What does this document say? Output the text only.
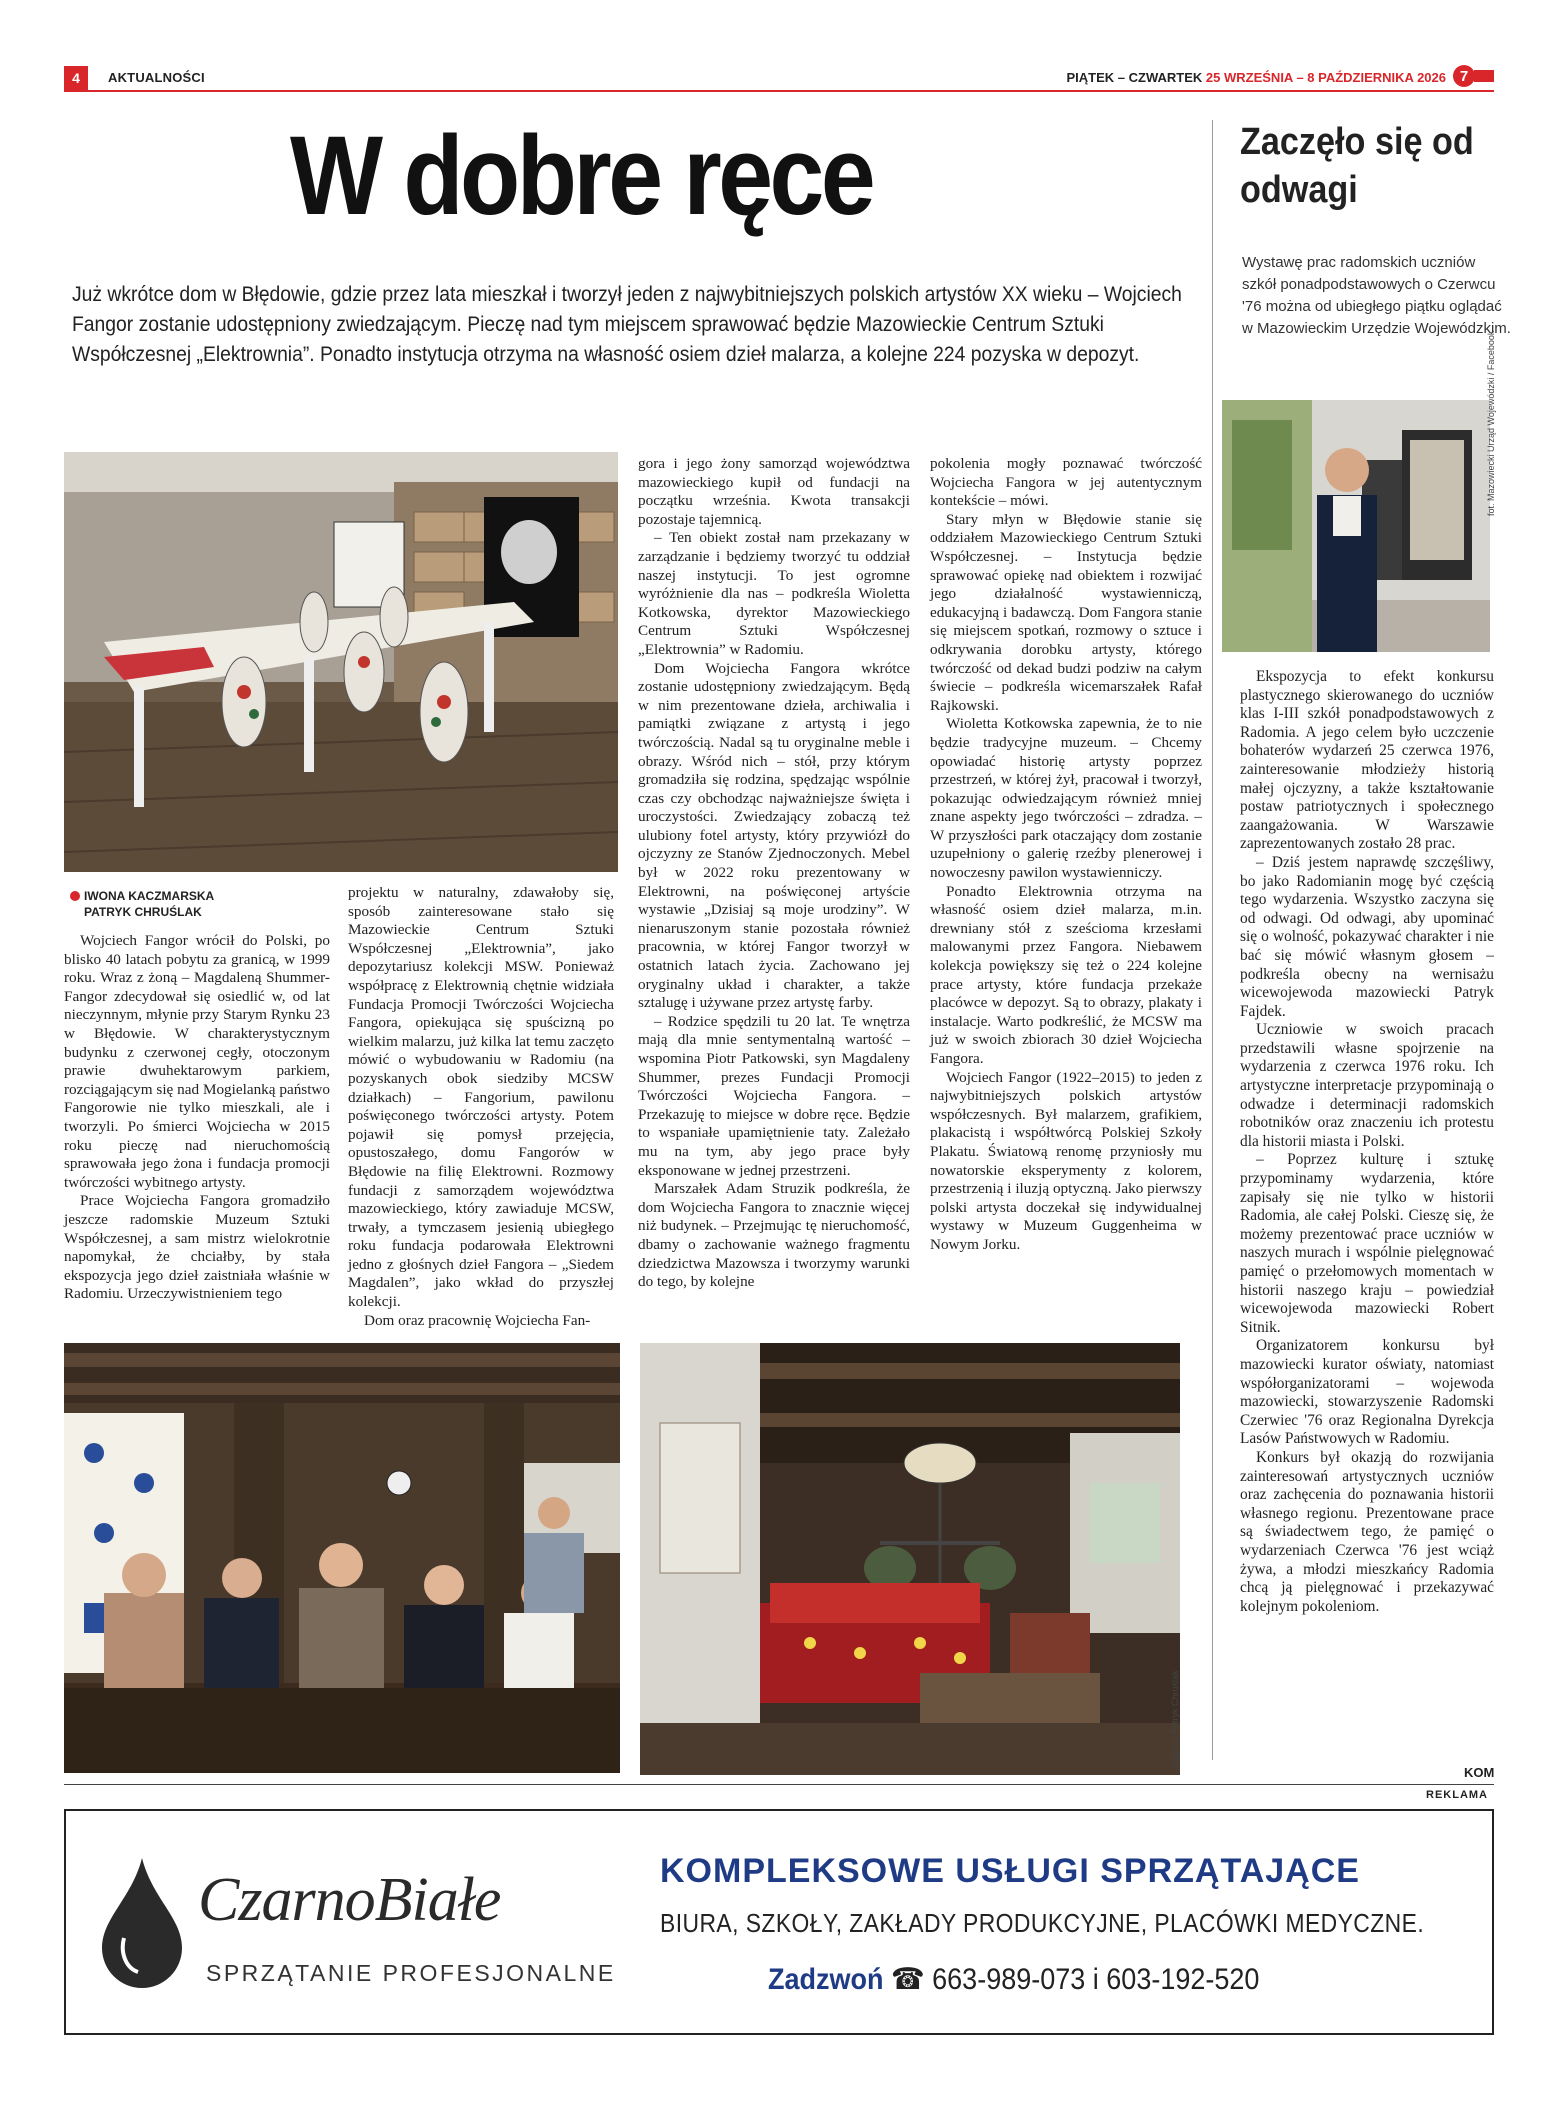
4	AKTUALNOŚCI	PIĄTEK – CZWARTEK 25 WRZEŚNIA – 8 PAŹDZIERNIKA 2026 7
W dobre ręce
Już wkrótce dom w Błędowie, gdzie przez lata mieszkał i tworzył jeden z najwybitniejszych polskich artystów XX wieku – Wojciech Fangor zostanie udostępniony zwiedzającym. Pieczę nad tym miejscem sprawować będzie Mazowieckie Centrum Sztuki Współczesnej „Elektrownia”. Ponadto instytucja otrzyma na własność osiem dzieł malarza, a kolejne 224 pozyska w depozyt.
IWONA KACZMARSKA
PATRYK CHRUŚLAK

Wojciech Fangor wrócił do Polski, po blisko 40 latach pobytu za granicą, w 1999 roku. Wraz z żoną – Magdaleną Shummer-Fangor zdecydował się osiedlić w, od lat nieczynnym, młynie przy Starym Rynku 23 w Błędowie. W charakterystycznym budynku z czerwonej cegły, otoczonym prawie dwuhektarowym parkiem, rozciągającym się nad Mogielanką państwo Fangorowie nie tylko mieszkali, ale i tworzyli. Po śmierci Wojciecha w 2015 roku pieczę nad nieruchomością sprawowała jego żona i fundacja promocji twórczości wybitnego artysty.

Prace Wojciecha Fangora gromadziło jeszcze radomskie Muzeum Sztuki Współczesnej, a sam mistrz wielokrotnie napomykał, że chciałby, by stała ekspozycja jego dzieł zaistniała właśnie w Radomiu. Urzeczywistnieniem tego

projektu w naturalny, zdawałoby się, sposób zainteresowane stało się Mazowieckie Centrum Sztuki Współczesnej „Elektrownia”, jako depozytariusz kolekcji MSW. Ponieważ współpracę z Elektrownią chętnie widziała Fundacja Promocji Twórczości Wojciecha Fangora, opiekująca się spuścizną po wielkim malarzu, już kilka lat temu zaczęto mówić o wybudowaniu w Radomiu (na pozyskanych obok siedziby MCSW działkach) – Fangorium, pawilonu poświęconego twórczości artysty. Potem pojawił się pomysł przejęcia, opustoszałego, domu Fangorów w Błędowie na filię Elektrowni. Rozmowy fundacji z samorządem województwa mazowieckiego, który zawiaduje MCSW, trwały, a tymczasem jesienią ubiegłego roku fundacja podarowała Elektrowni jedno z głośnych dzieł Fangora – „Siedem Magdalen”, jako wkład do przyszłej kolekcji.

Dom oraz pracownię Wojciecha Fan-

gora i jego żony samorząd województwa mazowieckiego kupił od fundacji na początku września. Kwota transakcji pozostaje tajemnicą.

– Ten obiekt został nam przekazany w zarządzanie i będziemy tworzyć tu oddział naszej instytucji. To jest ogromne wyróżnienie dla nas – podkreśla Wioletta Kotkowska, dyrektor Mazowieckiego Centrum Sztuki Współczesnej „Elektrownia” w Radomiu.

Dom Wojciecha Fangora wkrótce zostanie udostępniony zwiedzającym. Będą w nim prezentowane dzieła, archiwalia i pamiątki związane z artystą i jego twórczością. Nadal są tu oryginalne meble i obrazy. Wśród nich – stół, przy którym gromadziła się rodzina, spędzając wspólnie czas czy obchodząc najważniejsze święta i uroczystości. Zwiedzający zobaczą też ulubiony fotel artysty, który przywiózł do ojczyzny ze Stanów Zjednoczonych. Mebel był w 2022 roku prezentowany w Elektrowni, na poświęconej artyście wystawie „Dzisiaj są moje urodziny”. W nienaruszonym stanie pozostała również pracownia, w której Fangor tworzył w ostatnich latach życia. Zachowano jej oryginalny układ i charakter, a także sztalugę i używane przez artystę farby.

– Rodzice spędzili tu 20 lat. Te wnętrza mają dla mnie sentymentalną wartość – wspomina Piotr Patkowski, syn Magdaleny Shummer, prezes Fundacji Promocji Twórczości Wojciecha Fangora. – Przekazuję to miejsce w dobre ręce. Będzie to wspaniałe upamiętnienie taty. Zależało mu na tym, aby jego prace były eksponowane w jednej przestrzeni.

Marszałek Adam Struzik podkreśla, że dom Wojciecha Fangora to znacznie więcej niż budynek. – Przejmując tę nieruchomość, dbamy o zachowanie ważnego fragmentu dziedzictwa Mazowsza i tworzymy warunki do tego, by kolejne

pokolenia mogły poznawać twórczość Wojciecha Fangora w jej autentycznym kontekście – mówi.

Stary młyn w Błędowie stanie się oddziałem Mazowieckiego Centrum Sztuki Współczesnej. – Instytucja będzie sprawować opiekę nad obiektem i rozwijać jego działalność wystawienniczą, edukacyjną i badawczą. Dom Fangora stanie się miejscem spotkań, rozmowy o sztuce i odkrywania dorobku artysty, którego twórczość od dekad budzi podziw na całym świecie – podkreśla wicemarszałek Rafał Rajkowski.

Wioletta Kotkowska zapewnia, że to nie będzie tradycyjne muzeum. – Chcemy opowiadać historię artysty poprzez przestrzeń, w której żył, pracował i tworzył, pokazując odwiedzającym również mniej znane aspekty jego twórczości – zdradza. – W przyszłości park otaczający dom zostanie uzupełniony o galerię rzeźby plenerowej i nowoczesny pawilon wystawienniczy.

Ponadto Elektrownia otrzyma na własność osiem dzieł malarza, m.in. drewniany stół z sześcioma krzesłami malowanymi przez Fangora. Niebawem kolekcja powiększy się też o 224 kolejne prace artysty, które fundacja przekaże placówce w depozyt. Są to obrazy, plakaty i instalacje. Warto podkreślić, że MCSW ma już w swoich zbiorach 30 dzieł Wojciecha Fangora.

Wojciech Fangor (1922–2015) to jeden z najwybitniejszych polskich artystów współczesnych. Był malarzem, grafikiem, plakacistą i współtwórcą Polskiej Szkoły Plakatu. Światową renomę przyniosły mu nowatorskie eksperymenty z kolorem, przestrzenią i iluzją optyczną. Jako pierwszy polski artysta doczekał się indywidualnej wystawy w Muzeum Guggenheima w Nowym Jorku.

Zdjęcia: Patryk Chruślak
Zaczęło się od odwagi
Wystawę prac radomskich uczniów szkół ponadpodstawowych o Czerwcu '76 można od ubiegłego piątku oglądać w Mazowieckim Urzędzie Wojewódzkim.
fot. Mazowiecki Urząd Wojewódzki / Facebook

Ekspozycja to efekt konkursu plastycznego skierowanego do uczniów klas I-III szkół ponadpodstawowych z Radomia. A jego celem było uczczenie bohaterów wydarzeń 25 czerwca 1976, zainteresowanie młodzieży historią małej ojczyzny, a także kształtowanie postaw patriotycznych i społecznego zaangażowania. W Warszawie zaprezentowanych zostało 28 prac.

– Dziś jestem naprawdę szczęśliwy, bo jako Radomianin mogę być częścią tego wydarzenia. Wszystko zaczyna się od odwagi. Od odwagi, aby upominać się o wolność, pokazywać charakter i nie bać się mówić własnym głosem – podkreśla obecny na wernisażu wicewojewoda mazowiecki Patryk Fajdek.

Uczniowie w swoich pracach przedstawili własne spojrzenie na wydarzenia z czerwca 1976 roku. Ich artystyczne interpretacje przypominają o odwadze i determinacji radomskich robotników oraz znaczeniu ich protestu dla historii miasta i Polski.

– Poprzez kulturę i sztukę przypominamy wydarzenia, które zapisały się nie tylko w historii Radomia, ale całej Polski. Cieszę się, że możemy prezentować prace uczniów w naszych murach i wspólnie pielęgnować pamięć o przełomowych momentach w historii naszego kraju – powiedział wicewojewoda mazowiecki Robert Sitnik.

Organizatorem konkursu był mazowiecki kurator oświaty, natomiast współorganizatorami – wojewoda mazowiecki, stowarzyszenie Radomski Czerwiec '76 oraz Regionalna Dyrekcja Lasów Państwowych w Radomiu.

Konkurs był okazją do rozwijania zainteresowań artystycznych uczniów oraz zachęcenia do poznawania historii własnego regionu. Prezentowane prace są świadectwem tego, że pamięć o wydarzeniach Czerwca '76 jest wciąż żywa, a młodzi mieszkańcy Radomia chcą ją pielęgnować i przekazywać kolejnym pokoleniom.

KOM
REKLAMA
CzarnoBiałe
SPRZĄTANIE PROFESJONALNE
KOMPLEKSOWE USŁUGI SPRZĄTAJĄCE
BIURA, SZKOŁY, ZAKŁADY PRODUKCYJNE, PLACÓWKI MEDYCZNE.
Zadzwoń ☎ 663-989-073 i 603-192-520
